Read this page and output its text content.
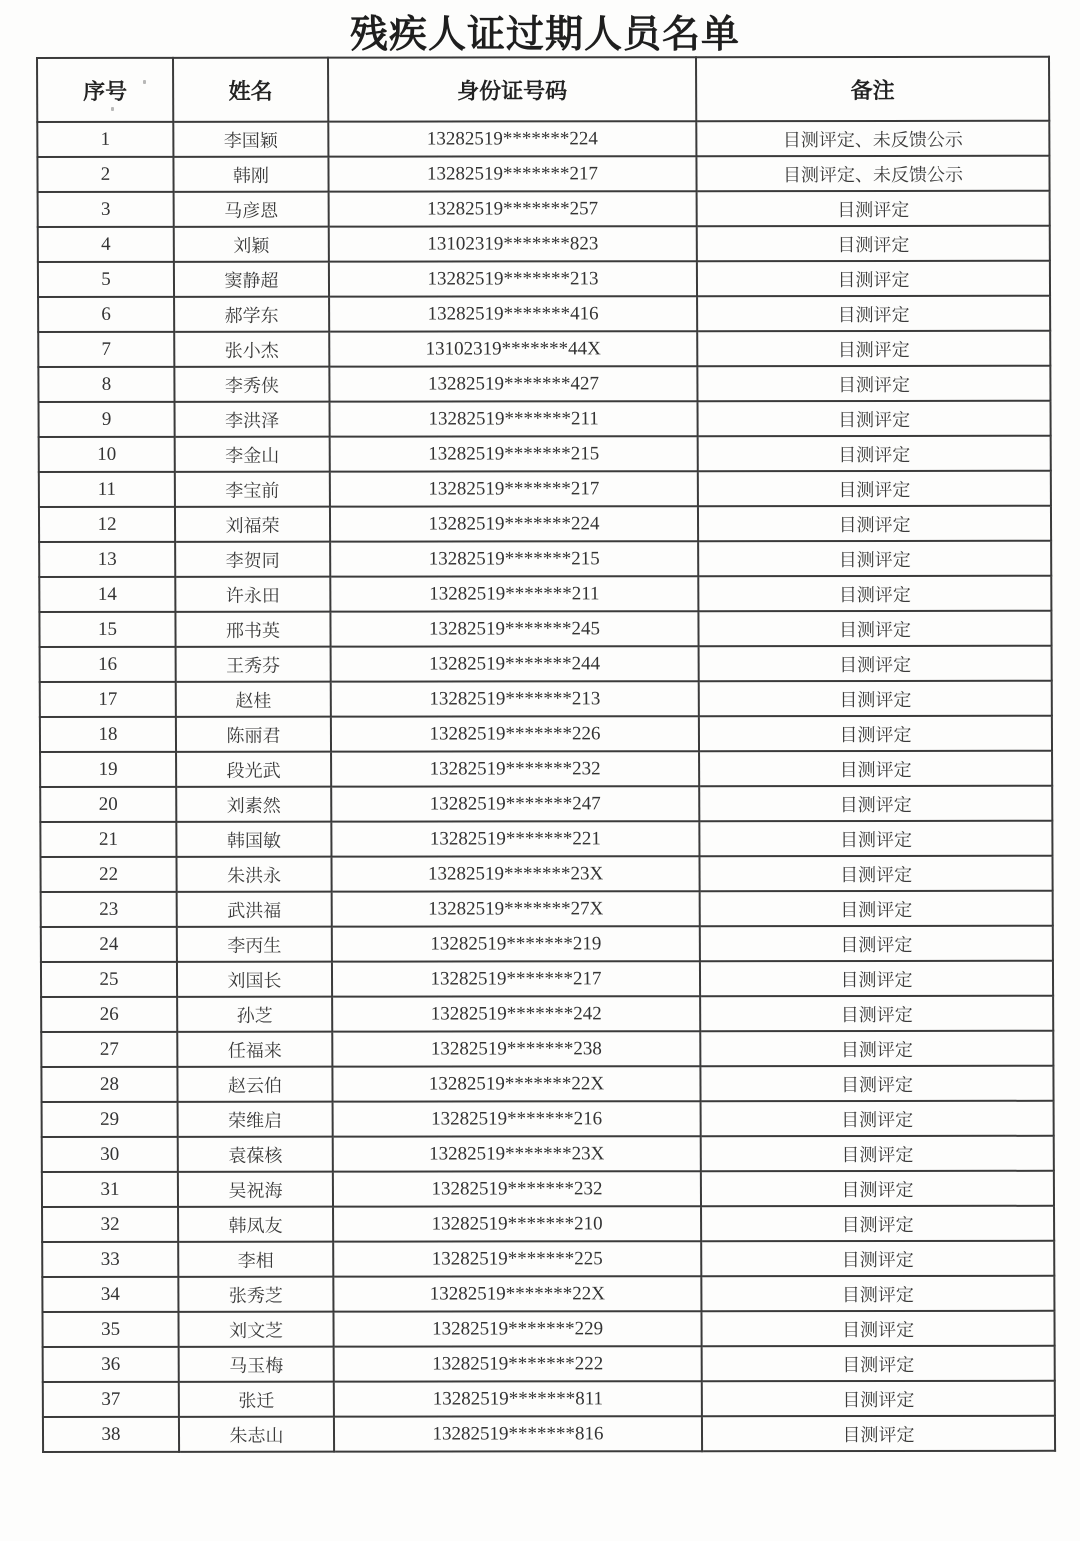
残疾人证过期人员名单
序号	姓名	身份证号码	备注
1	李国颖	13282519*******224	目测评定、未反馈公示
2	韩刚	13282519*******217	目测评定、未反馈公示
3	马彦恩	13282519*******257	目测评定
4	刘颖	13102319*******823	目测评定
5	窦静超	13282519*******213	目测评定
6	郝学东	13282519*******416	目测评定
7	张小杰	13102319*******44X	目测评定
8	李秀侠	13282519*******427	目测评定
9	李洪泽	13282519*******211	目测评定
10	李金山	13282519*******215	目测评定
11	李宝前	13282519*******217	目测评定
12	刘福荣	13282519*******224	目测评定
13	李贺同	13282519*******215	目测评定
14	许永田	13282519*******211	目测评定
15	邢书英	13282519*******245	目测评定
16	王秀芬	13282519*******244	目测评定
17	赵桂	13282519*******213	目测评定
18	陈丽君	13282519*******226	目测评定
19	段光武	13282519*******232	目测评定
20	刘素然	13282519*******247	目测评定
21	韩国敏	13282519*******221	目测评定
22	朱洪永	13282519*******23X	目测评定
23	武洪福	13282519*******27X	目测评定
24	李丙生	13282519*******219	目测评定
25	刘国长	13282519*******217	目测评定
26	孙芝	13282519*******242	目测评定
27	任福来	13282519*******238	目测评定
28	赵云伯	13282519*******22X	目测评定
29	荣维启	13282519*******216	目测评定
30	袁葆核	13282519*******23X	目测评定
31	吴祝海	13282519*******232	目测评定
32	韩凤友	13282519*******210	目测评定
33	李相	13282519*******225	目测评定
34	张秀芝	13282519*******22X	目测评定
35	刘文芝	13282519*******229	目测评定
36	马玉梅	13282519*******222	目测评定
37	张迁	13282519*******811	目测评定
38	朱志山	13282519*******816	目测评定
